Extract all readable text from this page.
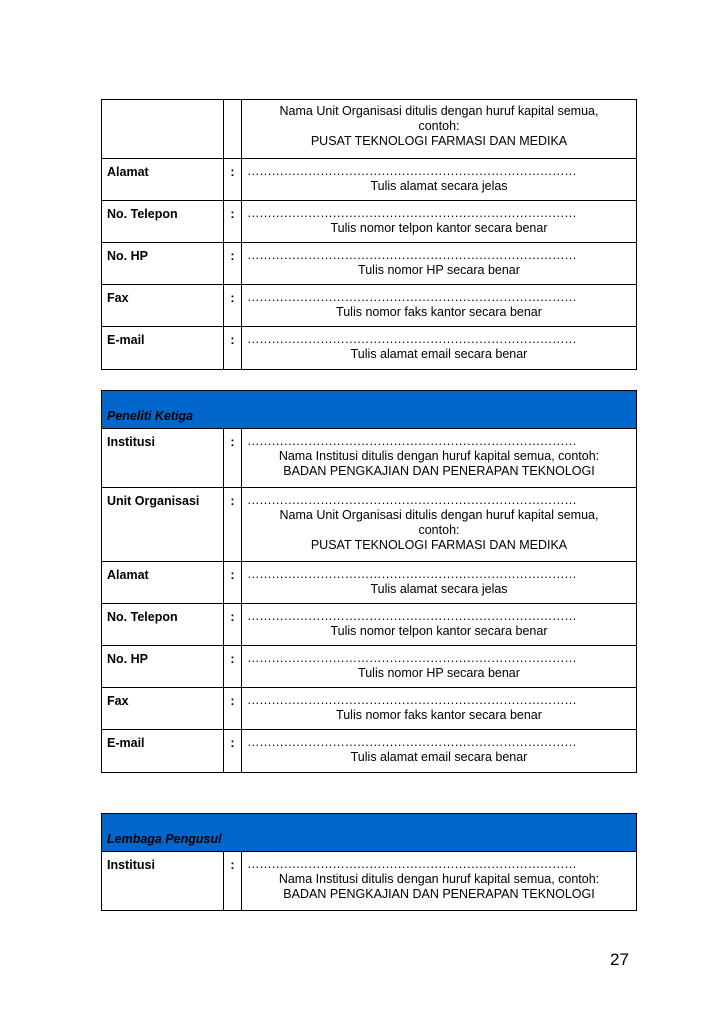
Nama Unit Organisasi ditulis dengan huruf kapital semua,
contoh:
PUSAT TEKNOLOGI FARMASI DAN MEDIKA
Alamat	: ………………………………………………………………………
Tulis alamat secara jelas
No. Telepon	: ………………………………………………………………………
Tulis nomor telpon kantor secara benar
No. HP	: ………………………………………………………………………
Tulis nomor HP secara benar
Fax	: ………………………………………………………………………
Tulis nomor faks kantor secara benar
E-mail	: ………………………………………………………………………
Tulis alamat email secara benar
Peneliti Ketiga
Institusi	: ………………………………………………………………………
Nama Institusi ditulis dengan huruf kapital semua, contoh:
BADAN PENGKAJIAN DAN PENERAPAN TEKNOLOGI
Unit Organisasi	: ………………………………………………………………………
Nama Unit Organisasi ditulis dengan huruf kapital semua,
contoh:
PUSAT TEKNOLOGI FARMASI DAN MEDIKA
Alamat	: ………………………………………………………………………
Tulis alamat secara jelas
No. Telepon	: ………………………………………………………………………
Tulis nomor telpon kantor secara benar
No. HP	: ………………………………………………………………………
Tulis nomor HP secara benar
Fax	: ………………………………………………………………………
Tulis nomor faks kantor secara benar
E-mail	: ………………………………………………………………………
Tulis alamat email secara benar
Lembaga Pengusul
Institusi	: ………………………………………………………………………
Nama Institusi ditulis dengan huruf kapital semua, contoh:
BADAN PENGKAJIAN DAN PENERAPAN TEKNOLOGI
27
